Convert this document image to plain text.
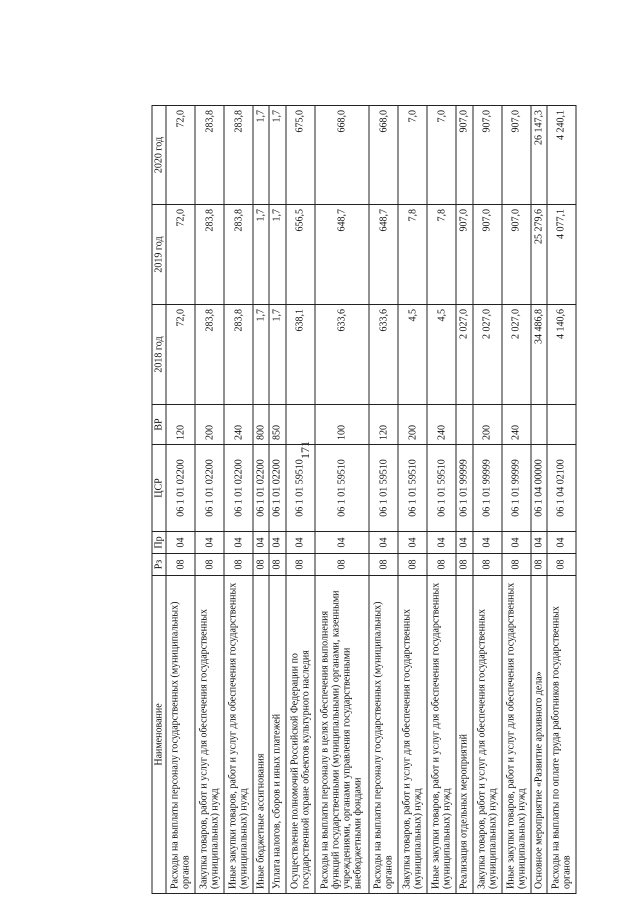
171
Наименование	Рз	Пр	ЦСР	ВР	2018 год	2019 год	2020 год
Расходы на выплаты персоналу государственных (муниципальных) органов	08	04	06 1 01 02200	120	72,0	72,0	72,0
Закупка товаров, работ и услуг для обеспечения государственных (муниципальных) нужд	08	04	06 1 01 02200	200	283,8	283,8	283,8
Иные закупки товаров, работ и услуг для обеспечения государственных (муниципальных) нужд	08	04	06 1 01 02200	240	283,8	283,8	283,8
Иные бюджетные ассигнования	08	04	06 1 01 02200	800	1,7	1,7	1,7
Уплата налогов, сборов и иных платежей	08	04	06 1 01 02200	850	1,7	1,7	1,7
Осуществление полномочий Российской Федерации по государственной охране объектов культурного наследия	08	04	06 1 01 59510		638,1	656,5	675,0
Расходы на выплаты персоналу в целях обеспечения выполнения функций государственными (муниципальными) органами, казенными учреждениями, органами управления государственными внебюджетными фондами	08	04	06 1 01 59510	100	633,6	648,7	668,0
Расходы на выплаты персоналу государственных (муниципальных) органов	08	04	06 1 01 59510	120	633,6	648,7	668,0
Закупка товаров, работ и услуг для обеспечения государственных (муниципальных) нужд	08	04	06 1 01 59510	200	4,5	7,8	7,0
Иные закупки товаров, работ и услуг для обеспечения государственных (муниципальных) нужд	08	04	06 1 01 59510	240	4,5	7,8	7,0
Реализация отдельных мероприятий	08	04	06 1 01 99999		2 027,0	907,0	907,0
Закупка товаров, работ и услуг для обеспечения государственных (муниципальных) нужд	08	04	06 1 01 99999	200	2 027,0	907,0	907,0
Иные закупки товаров, работ и услуг для обеспечения государственных (муниципальных) нужд	08	04	06 1 01 99999	240	2 027,0	907,0	907,0
Основное мероприятие «Развитие архивного дела»	08	04	06 1 04 00000		34 486,8	25 279,6	26 147,3
Расходы на выплаты по оплате труда работников государственных органов	08	04	06 1 04 02100		4 140,6	4 077,1	4 240,1
